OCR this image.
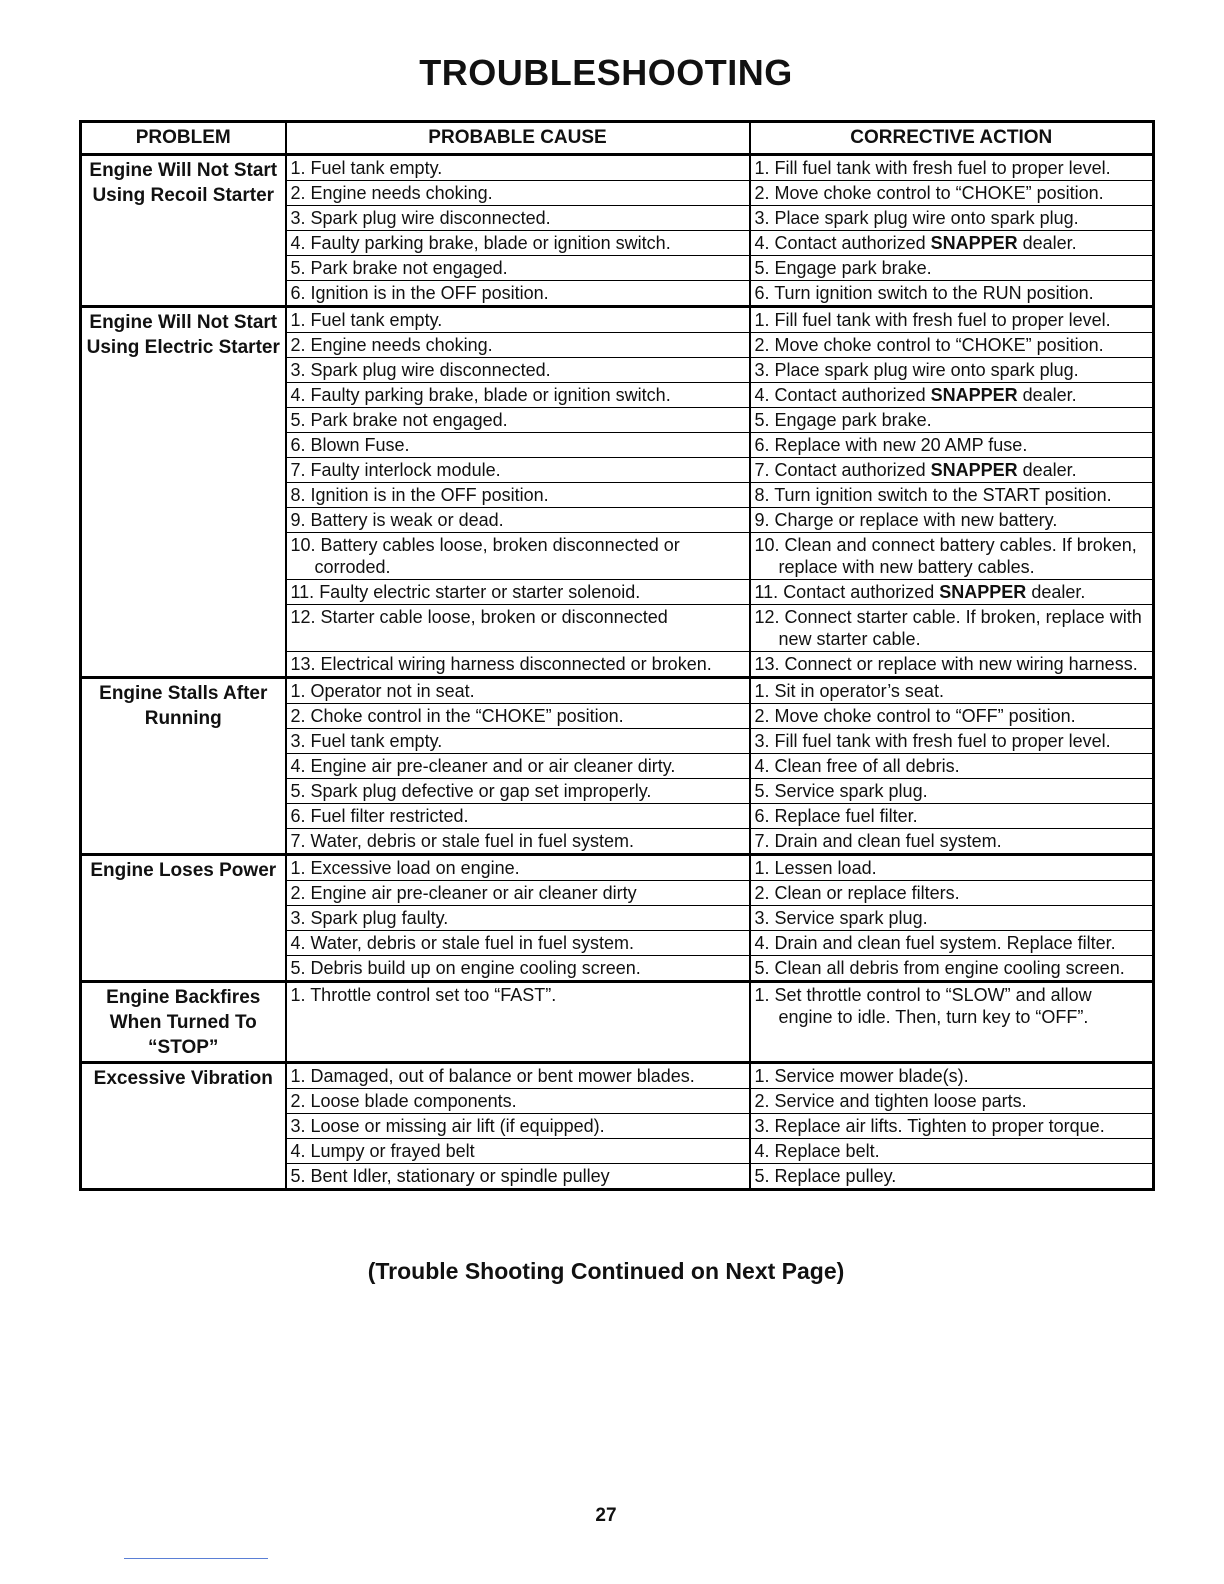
TROUBLESHOOTING
PROBLEM	PROBABLE CAUSE	CORRECTIVE ACTION
Engine Will Not Start Using Recoil Starter	1. Fuel tank empty.	1. Fill fuel tank with fresh fuel to proper level.
	2. Engine needs choking.	2. Move choke control to “CHOKE” position.
	3. Spark plug wire disconnected.	3. Place spark plug wire onto spark plug.
	4. Faulty parking brake, blade or ignition switch.	4. Contact authorized SNAPPER dealer.
	5. Park brake not engaged.	5. Engage park brake.
	6. Ignition is in the OFF position.	6. Turn ignition switch to the RUN position.
Engine Will Not Start Using Electric Starter	1. Fuel tank empty.	1. Fill fuel tank with fresh fuel to proper level.
	2. Engine needs choking.	2. Move choke control to “CHOKE” position.
	3. Spark plug wire disconnected.	3. Place spark plug wire onto spark plug.
	4. Faulty parking brake, blade or ignition switch.	4. Contact authorized SNAPPER dealer.
	5. Park brake not engaged.	5. Engage park brake.
	6. Blown Fuse.	6. Replace with new 20 AMP fuse.
	7. Faulty interlock module.	7. Contact authorized SNAPPER dealer.
	8. Ignition is in the OFF position.	8. Turn ignition switch to the START position.
	9. Battery is weak or dead.	9. Charge or replace with new battery.
	10. Battery cables loose, broken disconnected or corroded.	10. Clean and connect battery cables. If broken, replace with new battery cables.
	11. Faulty electric starter or starter solenoid.	11. Contact authorized SNAPPER dealer.
	12. Starter cable loose, broken or disconnected	12. Connect starter cable. If broken, replace with new starter cable.
	13. Electrical wiring harness disconnected or broken.	13. Connect or replace with new wiring harness.
Engine Stalls After Running	1. Operator not in seat.	1. Sit in operator’s seat.
	2. Choke control in the “CHOKE” position.	2. Move choke control to “OFF” position.
	3. Fuel tank empty.	3. Fill fuel tank with fresh fuel to proper level.
	4. Engine air pre-cleaner and or air cleaner dirty.	4. Clean free of all debris.
	5. Spark plug defective or gap set improperly.	5. Service spark plug.
	6. Fuel filter restricted.	6. Replace fuel filter.
	7. Water, debris or stale fuel in fuel system.	7. Drain and clean fuel system.
Engine Loses Power	1. Excessive load on engine.	1. Lessen load.
	2. Engine air pre-cleaner or air cleaner dirty	2. Clean or replace filters.
	3. Spark plug faulty.	3. Service spark plug.
	4. Water, debris or stale fuel in fuel system.	4. Drain and clean fuel system. Replace filter.
	5. Debris build up on engine cooling screen.	5. Clean all debris from engine cooling screen.
Engine Backfires When Turned To “STOP”	1. Throttle control set too “FAST”.	1. Set throttle control to “SLOW” and allow engine to idle. Then, turn key to “OFF”.
Excessive Vibration	1. Damaged, out of balance or bent mower blades.	1. Service mower blade(s).
	2. Loose blade components.	2. Service and tighten loose parts.
	3. Loose or missing air lift (if equipped).	3. Replace air lifts. Tighten to proper torque.
	4. Lumpy or frayed belt	4. Replace belt.
	5. Bent Idler, stationary or spindle pulley	5. Replace pulley.
(Trouble Shooting Continued on Next Page)
27
